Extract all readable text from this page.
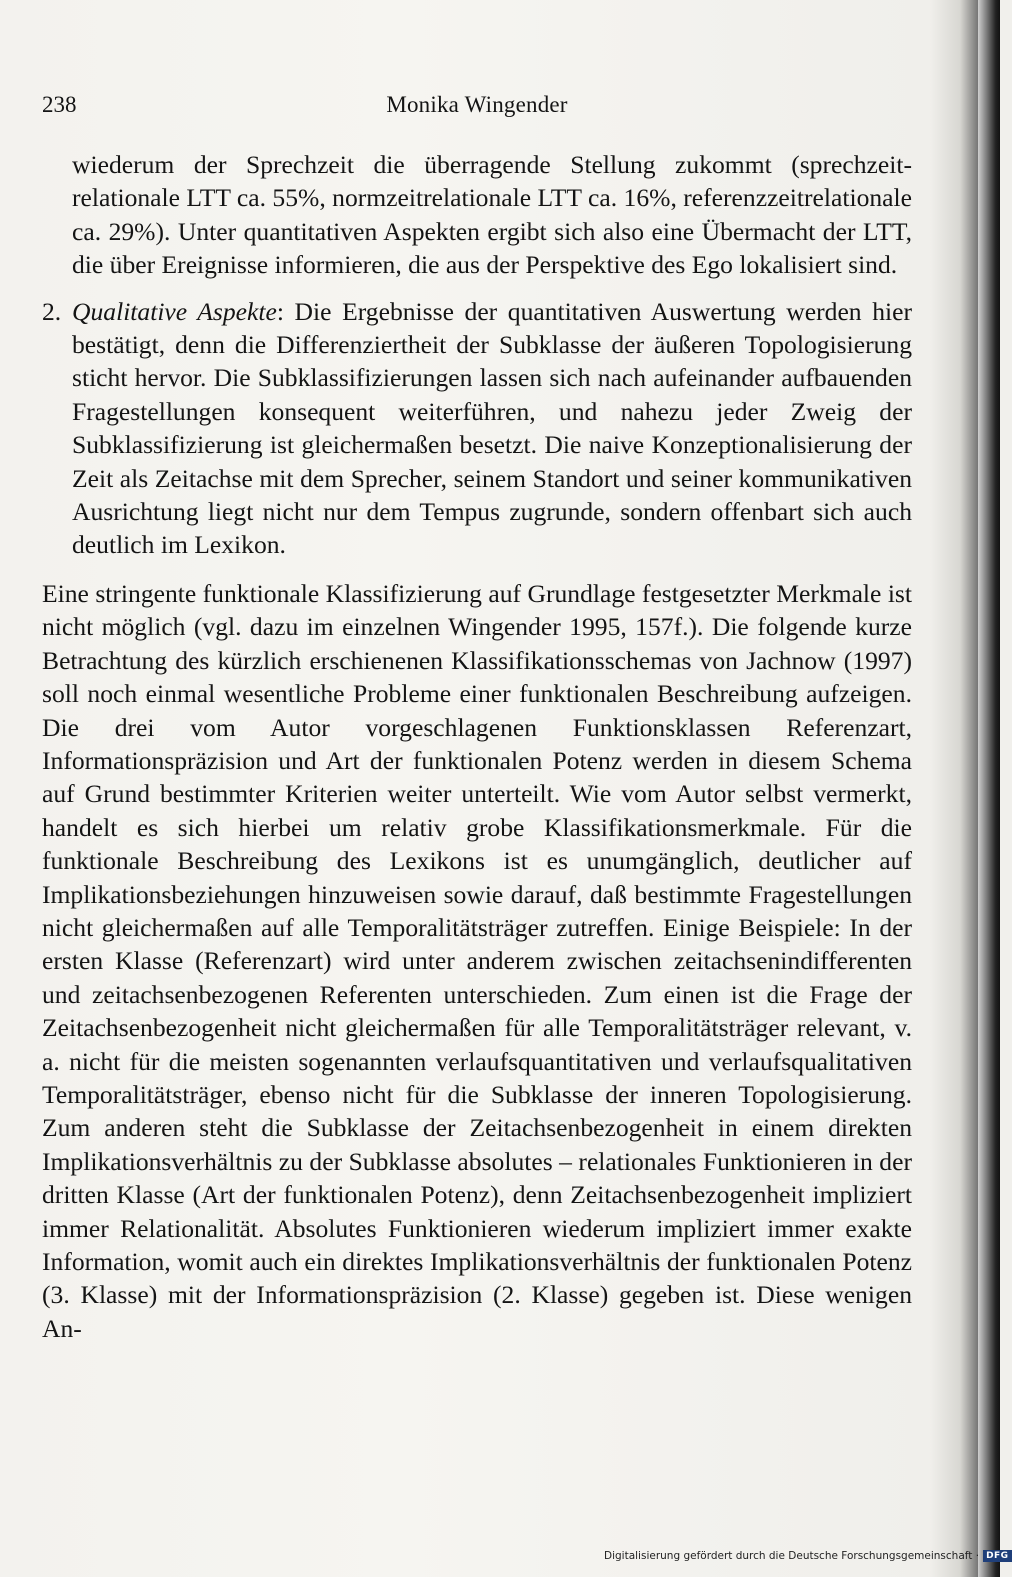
238	Monika Wingender

wiederum der Sprechzeit die überragende Stellung zukommt (sprechzeitrelationale LTT ca. 55%, normzeitrelationale LTT ca. 16%, referenzzeitrelationale ca. 29%). Unter quantitativen Aspekten ergibt sich also eine Übermacht der LTT, die über Ereignisse informieren, die aus der Perspektive des Ego lokalisiert sind.

2. Qualitative Aspekte: Die Ergebnisse der quantitativen Auswertung werden hier bestätigt, denn die Differenziertheit der Subklasse der äußeren Topologisierung sticht hervor. Die Subklassifizierungen lassen sich nach aufeinander aufbauenden Fragestellungen konsequent weiterführen, und nahezu jeder Zweig der Subklassifizierung ist gleichermaßen besetzt. Die naive Konzeptionalisierung der Zeit als Zeitachse mit dem Sprecher, seinem Standort und seiner kommunikativen Ausrichtung liegt nicht nur dem Tempus zugrunde, sondern offenbart sich auch deutlich im Lexikon.

Eine stringente funktionale Klassifizierung auf Grundlage festgesetzter Merkmale ist nicht möglich (vgl. dazu im einzelnen Wingender 1995, 157f.). Die folgende kurze Betrachtung des kürzlich erschienenen Klassifikationsschemas von Jachnow (1997) soll noch einmal wesentliche Probleme einer funktionalen Beschreibung aufzeigen. Die drei vom Autor vorgeschlagenen Funktionsklassen Referenzart, Informationspräzision und Art der funktionalen Potenz werden in diesem Schema auf Grund bestimmter Kriterien weiter unterteilt. Wie vom Autor selbst vermerkt, handelt es sich hierbei um relativ grobe Klassifikationsmerkmale. Für die funktionale Beschreibung des Lexikons ist es unumgänglich, deutlicher auf Implikationsbeziehungen hinzuweisen sowie darauf, daß bestimmte Fragestellungen nicht gleichermaßen auf alle Temporalitätsträger zutreffen. Einige Beispiele: In der ersten Klasse (Referenzart) wird unter anderem zwischen zeitachsenindifferenten und zeitachsenbezogenen Referenten unterschieden. Zum einen ist die Frage der Zeitachsenbezogenheit nicht gleichermaßen für alle Temporalitätsträger relevant, v. a. nicht für die meisten sogenannten verlaufsquantitativen und verlaufsqualitativen Temporalitätsträger, ebenso nicht für die Subklasse der inneren Topologisierung. Zum anderen steht die Subklasse der Zeitachsenbezogenheit in einem direkten Implikationsverhältnis zu der Subklasse absolutes – relationales Funktionieren in der dritten Klasse (Art der funktionalen Potenz), denn Zeitachsenbezogenheit impliziert immer Relationalität. Absolutes Funktionieren wiederum impliziert immer exakte Information, womit auch ein direktes Implikationsverhältnis der funktionalen Potenz (3. Klasse) mit der Informationspräzision (2. Klasse) gegeben ist. Diese wenigen An-

Digitalisierung gefördert durch die Deutsche Forschungsgemeinschaft · DFG
